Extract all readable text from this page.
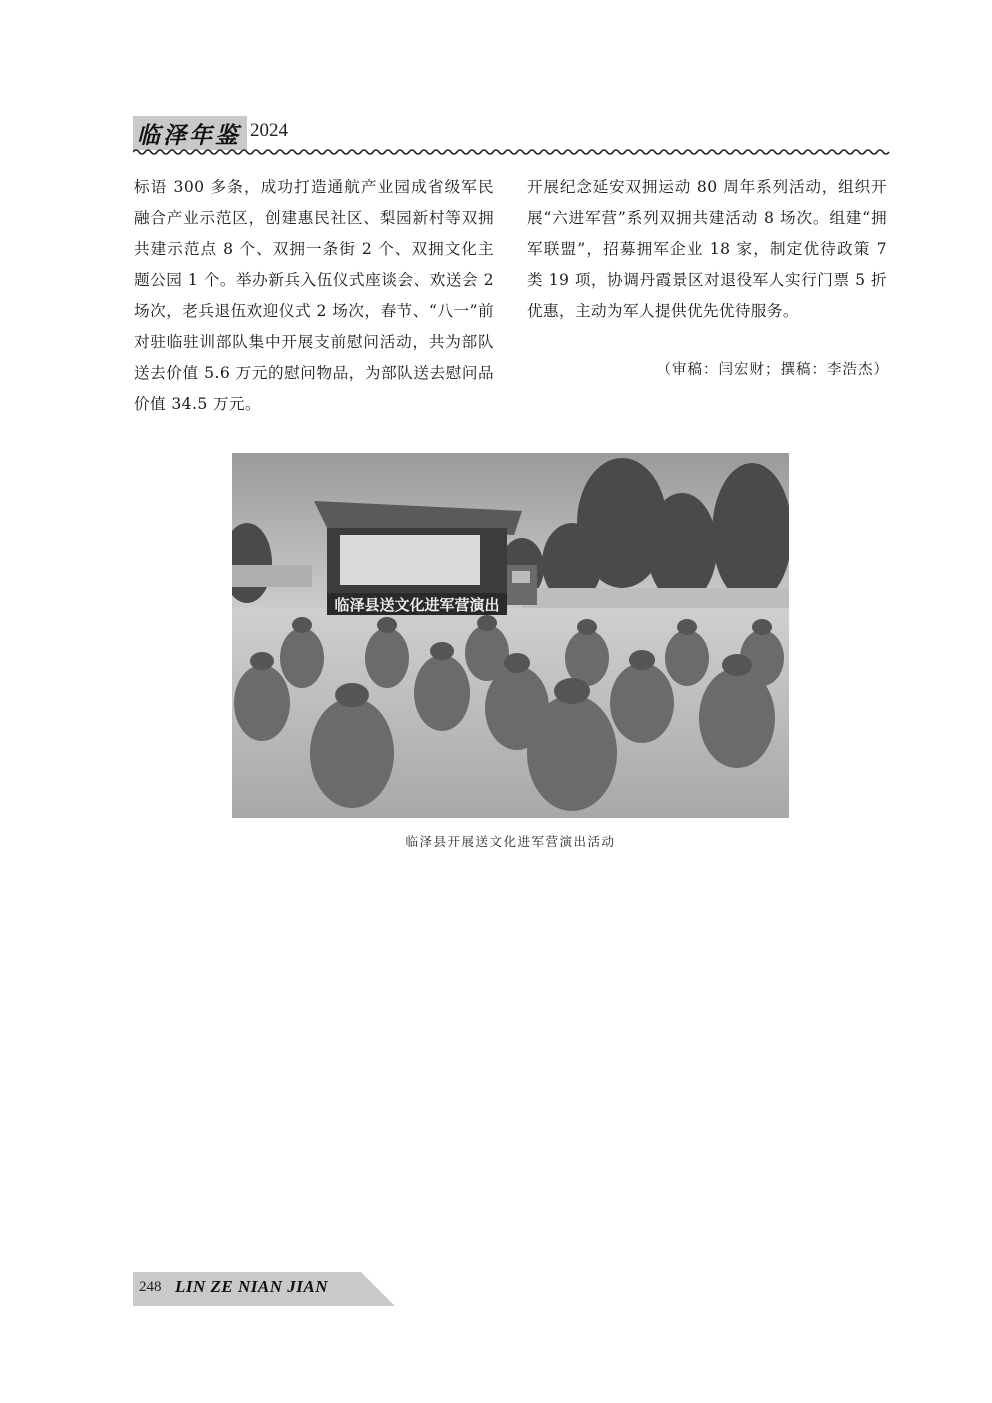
临泽年鉴 2024

标语 300 多条，成功打造通航产业园成省级军民融合产业示范区，创建惠民社区、梨园新村等双拥共建示范点 8 个、双拥一条街 2 个、双拥文化主题公园 1 个。举办新兵入伍仪式座谈会、欢送会 2 场次，老兵退伍欢迎仪式 2 场次，春节、“八一”前对驻临驻训部队集中开展支前慰问活动，共为部队送去价值 5.6 万元的慰问物品，为部队送去慰问品价值 34.5 万元。

开展纪念延安双拥运动 80 周年系列活动，组织开展“六进军营”系列双拥共建活动 8 场次。组建“拥军联盟”，招募拥军企业 18 家，制定优待政策 7 类 19 项，协调丹霞景区对退役军人实行门票 5 折优惠，主动为军人提供优先优待服务。

（审稿：闫宏财；撰稿：李浩杰）
临泽县送文化进军营演出
临泽县开展送文化进军营演出活动
248 LIN ZE NIAN JIAN
